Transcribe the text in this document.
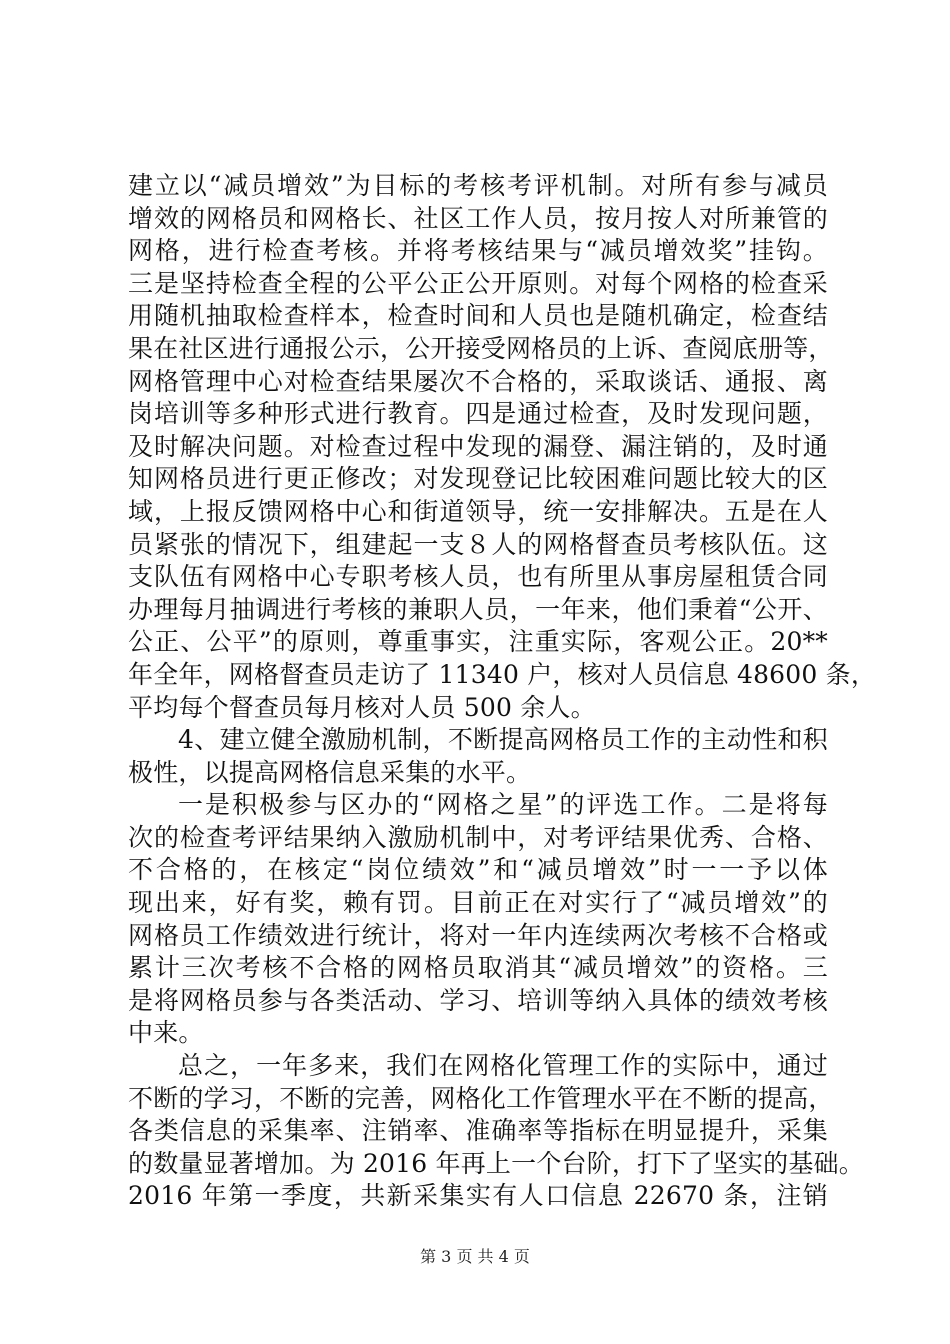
建立以“减员增效”为目标的考核考评机制。对所有参与减员
增效的网格员和网格长、社区工作人员，按月按人对所兼管的
网格，进行检查考核。并将考核结果与“减员增效奖”挂钩。
三是坚持检查全程的公平公正公开原则。对每个网格的检查采
用随机抽取检查样本，检查时间和人员也是随机确定，检查结
果在社区进行通报公示，公开接受网格员的上诉、查阅底册等，
网格管理中心对检查结果屡次不合格的，采取谈话、通报、离
岗培训等多种形式进行教育。四是通过检查，及时发现问题，
及时解决问题。对检查过程中发现的漏登、漏注销的，及时通
知网格员进行更正修改；对发现登记比较困难问题比较大的区
域，上报反馈网格中心和街道领导，统一安排解决。五是在人
员紧张的情况下，组建起一支８人的网格督查员考核队伍。这
支队伍有网格中心专职考核人员，也有所里从事房屋租赁合同
办理每月抽调进行考核的兼职人员，一年来，他们秉着“公开、
公正、公平”的原则，尊重事实，注重实际，客观公正。20**
年全年，网格督查员走访了 11340 户，核对人员信息 48600 条，
平均每个督查员每月核对人员 500 余人。
4、建立健全激励机制，不断提高网格员工作的主动性和积
极性，以提高网格信息采集的水平。
一是积极参与区办的“网格之星”的评选工作。二是将每
次的检查考评结果纳入激励机制中，对考评结果优秀、合格、
不合格的，在核定“岗位绩效”和“减员增效”时一一予以体
现出来，好有奖，赖有罚。目前正在对实行了“减员增效”的
网格员工作绩效进行统计，将对一年内连续两次考核不合格或
累计三次考核不合格的网格员取消其“减员增效”的资格。三
是将网格员参与各类活动、学习、培训等纳入具体的绩效考核
中来。
总之，一年多来，我们在网格化管理工作的实际中，通过
不断的学习，不断的完善，网格化工作管理水平在不断的提高，
各类信息的采集率、注销率、准确率等指标在明显提升，采集
的数量显著增加。为 2016 年再上一个台阶，打下了坚实的基础。
2016 年第一季度，共新采集实有人口信息 22670 条，注销
第 3 页 共 4 页
